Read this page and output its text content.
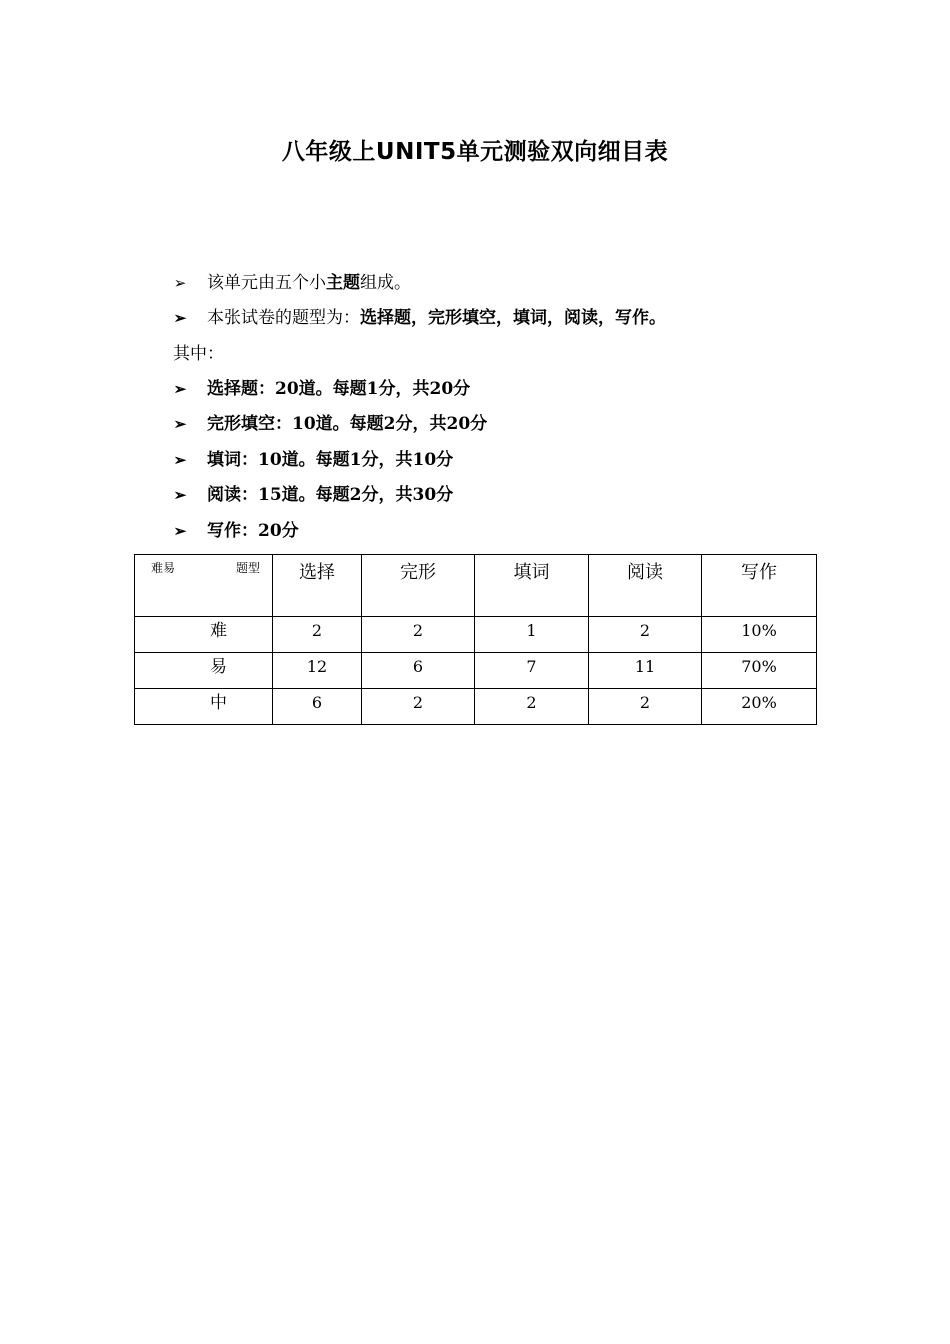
八年级上UNIT5单元测验双向细目表
➢ 该单元由五个小主题组成。
➢ 本张试卷的题型为：选择题，完形填空，填词，阅读，写作。
其中：
➢ 选择题：20道。每题1分，共20分
➢ 完形填空：10道。每题2分，共20分
➢ 填词：10道。每题1分，共10分
➢ 阅读：15道。每题2分，共30分
➢ 写作：20分
难易 题型	选择	完形	填词	阅读	写作
难	2	2	1	2	10%
易	12	6	7	11	70%
中	6	2	2	2	20%
